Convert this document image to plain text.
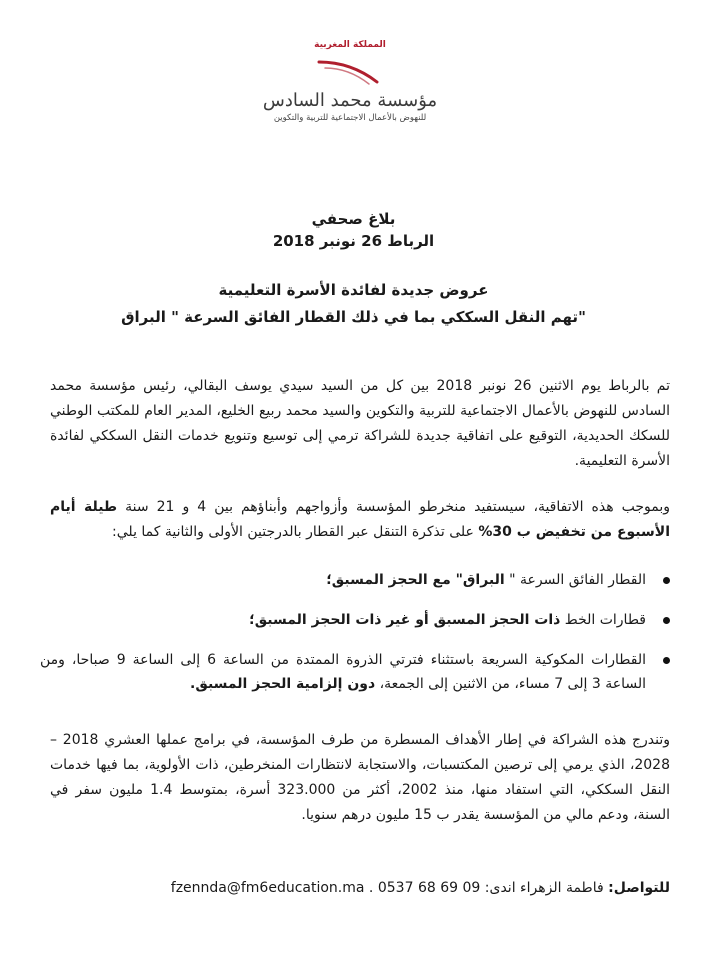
المملكة المغربية
مؤسسة محمد السادس
للنهوض بالأعمال الاجتماعية للتربية والتكوين
بلاغ صحفي
الرباط 26 نونبر 2018
عروض جديدة لفائدة الأسرة التعليمية
تهم النقل السككي بما في ذلك القطار الفائق السرعة " البراق"

تم بالرباط يوم الاثنين 26 نونبر 2018 بين كل من السيد سيدي يوسف البقالي، رئيس مؤسسة محمد السادس للنهوض بالأعمال الاجتماعية للتربية والتكوين والسيد محمد ربيع الخليع، المدير العام للمكتب الوطني للسكك الحديدية، التوقيع على اتفاقية جديدة للشراكة ترمي إلى توسيع وتنويع خدمات النقل السككي لفائدة الأسرة التعليمية.

وبموجب هذه الاتفاقية، سيستفيد منخرطو المؤسسة وأزواجهم وأبناؤهم بين 4 و 21 سنة طيلة أيام الأسبوع من تخفيض ب 30% على تذكرة التنقل عبر القطار بالدرجتين الأولى والثانية كما يلي:

القطار الفائق السرعة " البراق" مع الحجز المسبق؛
قطارات الخط ذات الحجز المسبق أو غير ذات الحجز المسبق؛
القطارات المكوكية السريعة باستثناء فترتي الذروة الممتدة من الساعة 6 إلى الساعة 9 صباحا، ومن الساعة 3 إلى 7 مساء، من الاثنين إلى الجمعة، دون إلزامية الحجز المسبق.

وتندرج هذه الشراكة في إطار الأهداف المسطرة من طرف المؤسسة، في برامج عملها العشري 2018 – 2028، الذي يرمي إلى ترصين المكتسبات، والاستجابة لانتظارات المنخرطين، ذات الأولوية، بما فيها خدمات النقل السككي، التي استفاد منها، منذ 2002، أكثر من 323.000 أسرة، بمتوسط 1.4 مليون سفر في السنة، ودعم مالي من المؤسسة يقدر ب 15 مليون درهم سنويا.

للتواصل: فاطمة الزهراء اندى: 09 69 68 0537 . fzennda@fm6education.ma
